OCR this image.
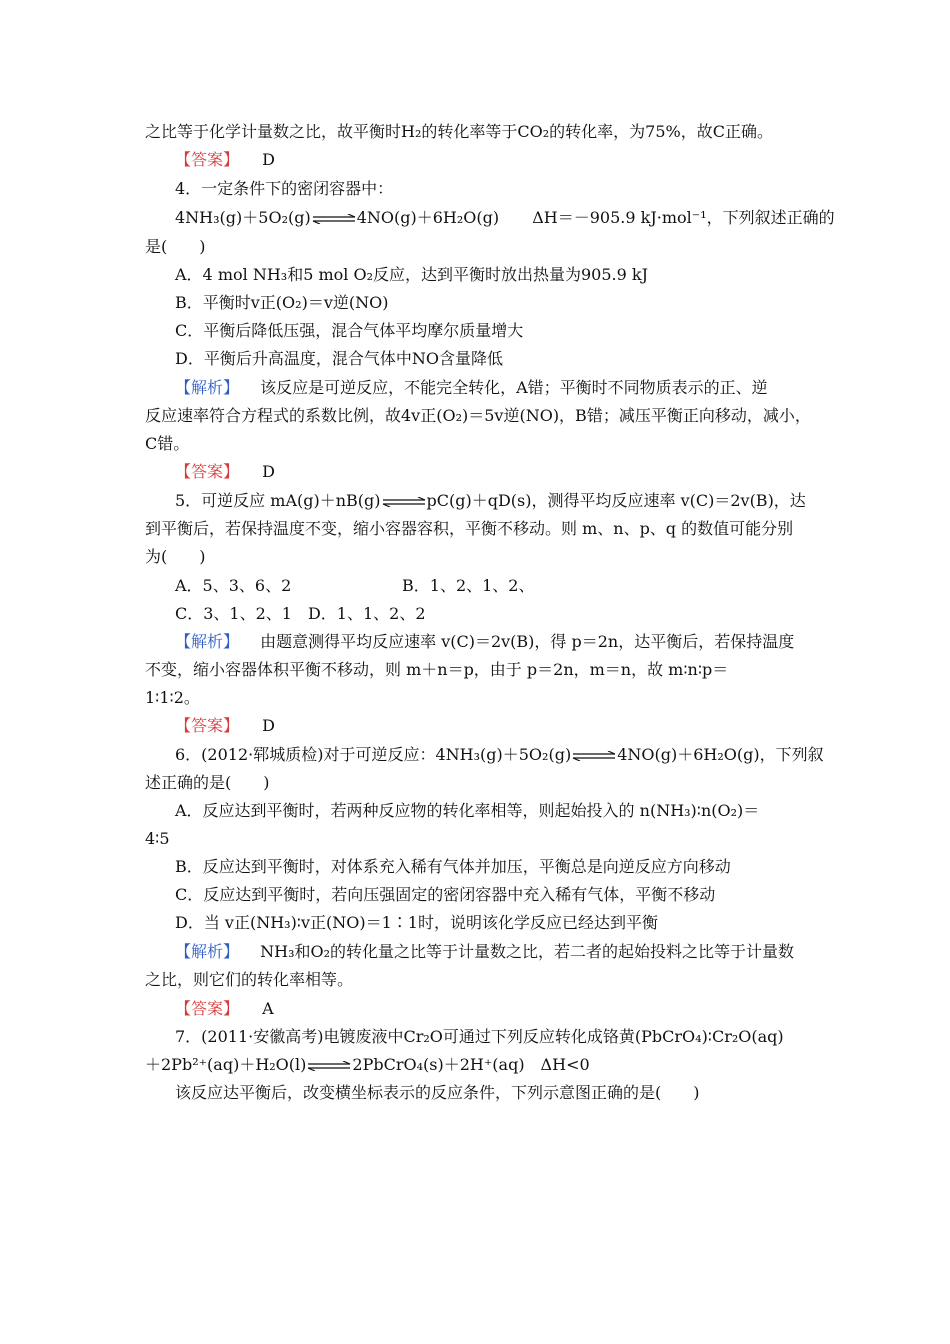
之比等于化学计量数之比，故平衡时H₂的转化率等于CO₂的转化率，为75%，故C正确。
【答案】 D
4．一定条件下的密闭容器中：
4NH₃(g)＋5O₂(g)⇌4NO(g)＋6H₂O(g) ΔH＝－905.9 kJ·mol⁻¹，下列叙述正确的
是(　　)
A．4 mol NH₃和5 mol O₂反应，达到平衡时放出热量为905.9 kJ
B．平衡时v正(O₂)＝v逆(NO)
C．平衡后降低压强，混合气体平均摩尔质量增大
D．平衡后升高温度，混合气体中NO含量降低
【解析】 该反应是可逆反应，不能完全转化，A错；平衡时不同物质表示的正、逆
反应速率符合方程式的系数比例，故4v正(O₂)＝5v逆(NO)，B错；减压平衡正向移动，减小，
C错。
【答案】 D
5．可逆反应 mA(g)＋nB(g)⇌pC(g)＋qD(s)，测得平均反应速率 v(C)＝2v(B)，达
到平衡后，若保持温度不变，缩小容器容积，平衡不移动。则 m、n、p、q 的数值可能分别
为(　　)
A．5、3、6、2	B．1、2、1、2、
C．3、1、2、1　D．1、1、2、2
【解析】 由题意测得平均反应速率 v(C)＝2v(B)，得 p＝2n，达平衡后，若保持温度
不变，缩小容器体积平衡不移动，则 m＋n＝p，由于 p＝2n，m＝n，故 m∶n∶p＝
1∶1∶2。
【答案】 D
6．(2012·郓城质检)对于可逆反应：4NH₃(g)＋5O₂(g)⇌4NO(g)＋6H₂O(g)，下列叙
述正确的是(　　)
A．反应达到平衡时，若两种反应物的转化率相等，则起始投入的 n(NH₃)∶n(O₂)＝
4∶5
B．反应达到平衡时，对体系充入稀有气体并加压，平衡总是向逆反应方向移动
C．反应达到平衡时，若向压强固定的密闭容器中充入稀有气体，平衡不移动
D．当 v正(NH₃)∶v正(NO)＝1∶1时，说明该化学反应已经达到平衡
【解析】 NH₃和O₂的转化量之比等于计量数之比，若二者的起始投料之比等于计量数
之比，则它们的转化率相等。
【答案】 A
7．(2011·安徽高考)电镀废液中Cr₂O可通过下列反应转化成铬黄(PbCrO₄)∶Cr₂O(aq)
＋2Pb²⁺(aq)＋H₂O(l)⇌2PbCrO₄(s)＋2H⁺(aq)　ΔH<0
该反应达平衡后，改变横坐标表示的反应条件，下列示意图正确的是(　　)
